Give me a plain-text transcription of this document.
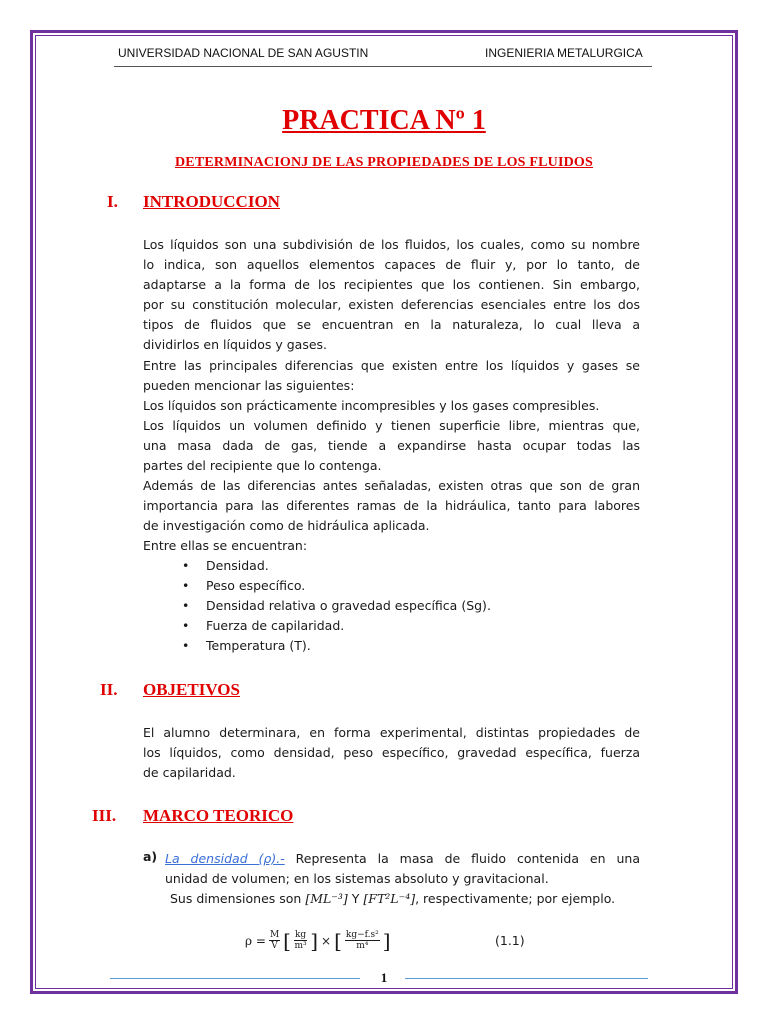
UNIVERSIDAD NACIONAL DE SAN AGUSTIN	INGENIERIA METALURGICA
PRACTICA Nº 1
DETERMINACIONJ DE LAS PROPIEDADES DE LOS FLUIDOS
I. INTRODUCCION
Los líquidos son una subdivisión de los fluidos, los cuales, como su nombre
lo indica, son aquellos elementos capaces de fluir y, por lo tanto, de
adaptarse a la forma de los recipientes que los contienen. Sin embargo,
por su constitución molecular, existen deferencias esenciales entre los dos
tipos de fluidos que se encuentran en la naturaleza, lo cual lleva a
dividirlos en líquidos y gases.
Entre las principales diferencias que existen entre los líquidos y gases se
pueden mencionar las siguientes:
Los líquidos son prácticamente incompresibles y los gases compresibles.
Los líquidos un volumen definido y tienen superficie libre, mientras que,
una masa dada de gas, tiende a expandirse hasta ocupar todas las
partes del recipiente que lo contenga.
Además de las diferencias antes señaladas, existen otras que son de gran
importancia para las diferentes ramas de la hidráulica, tanto para labores
de investigación como de hidráulica aplicada.
Entre ellas se encuentran:
• Densidad.
• Peso específico.
• Densidad relativa o gravedad específica (Sg).
• Fuerza de capilaridad.
• Temperatura (T).
II. OBJETIVOS
El alumno determinara, en forma experimental, distintas propiedades de
los líquidos, como densidad, peso específico, gravedad específica, fuerza
de capilaridad.
III. MARCO TEORICO
a) La densidad (ρ).- Representa la masa de fluido contenida en una
unidad de volumen; en los sistemas absoluto y gravitacional.
Sus dimensiones son [ML⁻³] Y [FT²L⁻⁴], respectivamente; por ejemplo.
$\rho = \frac{M}{V}$ [ $\frac{kg}{\text{m³}}$ ] × [ $\frac{\text{kg−f.s²}}{\text{m⁴}}$ ]	(1.1)
1
